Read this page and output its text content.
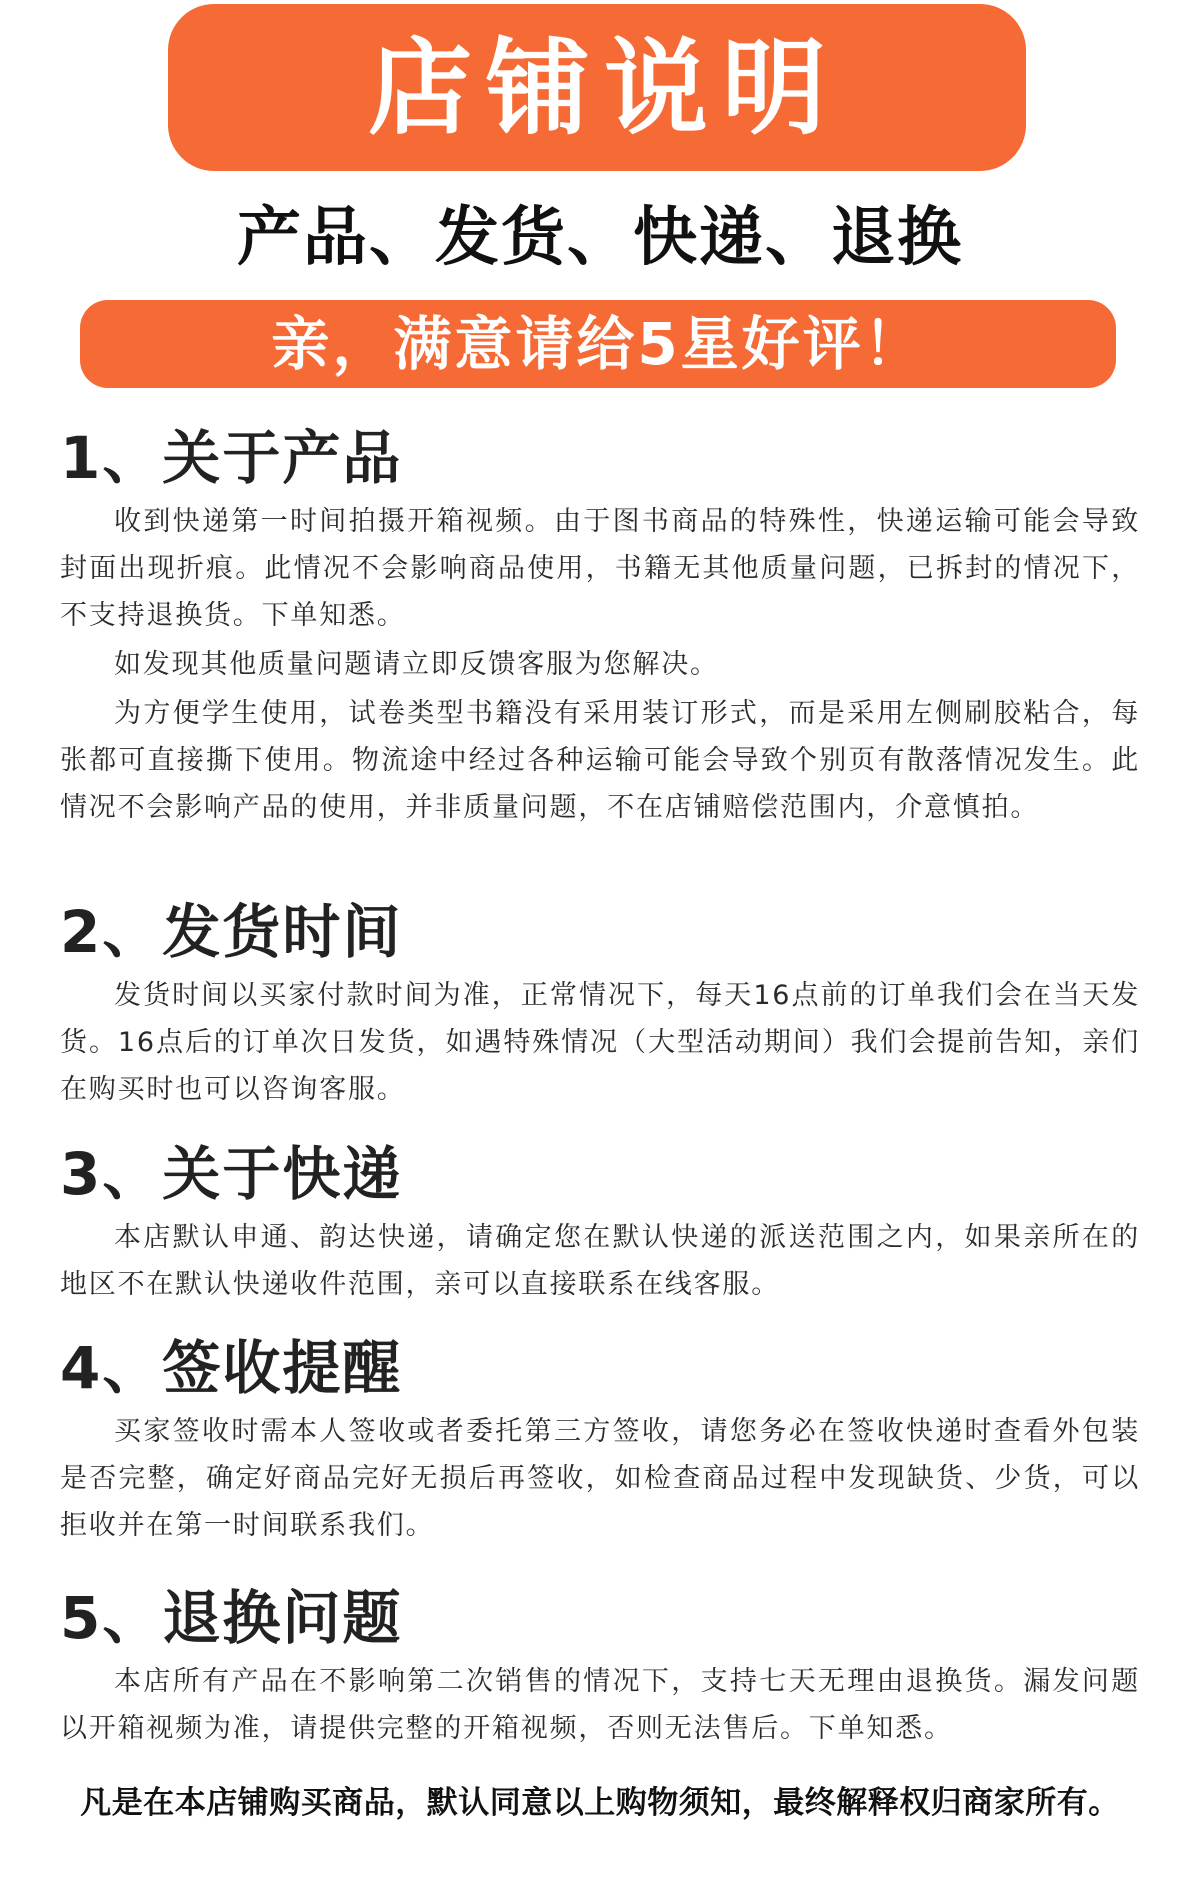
店铺说明
产品、发货、快递、退换
亲，满意请给5星好评！
1、关于产品
收到快递第一时间拍摄开箱视频。由于图书商品的特殊性，快递运输可能会导致封面出现折痕。此情况不会影响商品使用，书籍无其他质量问题，已拆封的情况下，不支持退换货。下单知悉。
如发现其他质量问题请立即反馈客服为您解决。
为方便学生使用，试卷类型书籍没有采用装订形式，而是采用左侧刷胶粘合，每张都可直接撕下使用。物流途中经过各种运输可能会导致个别页有散落情况发生。此情况不会影响产品的使用，并非质量问题，不在店铺赔偿范围内，介意慎拍。
2、发货时间
发货时间以买家付款时间为准，正常情况下，每天16点前的订单我们会在当天发货。16点后的订单次日发货，如遇特殊情况（大型活动期间）我们会提前告知，亲们在购买时也可以咨询客服。
3、关于快递
本店默认申通、韵达快递，请确定您在默认快递的派送范围之内，如果亲所在的地区不在默认快递收件范围，亲可以直接联系在线客服。
4、签收提醒
买家签收时需本人签收或者委托第三方签收，请您务必在签收快递时查看外包装是否完整，确定好商品完好无损后再签收，如检查商品过程中发现缺货、少货，可以拒收并在第一时间联系我们。
5、退换问题
本店所有产品在不影响第二次销售的情况下，支持七天无理由退换货。漏发问题以开箱视频为准，请提供完整的开箱视频，否则无法售后。下单知悉。
凡是在本店铺购买商品，默认同意以上购物须知，最终解释权归商家所有。
